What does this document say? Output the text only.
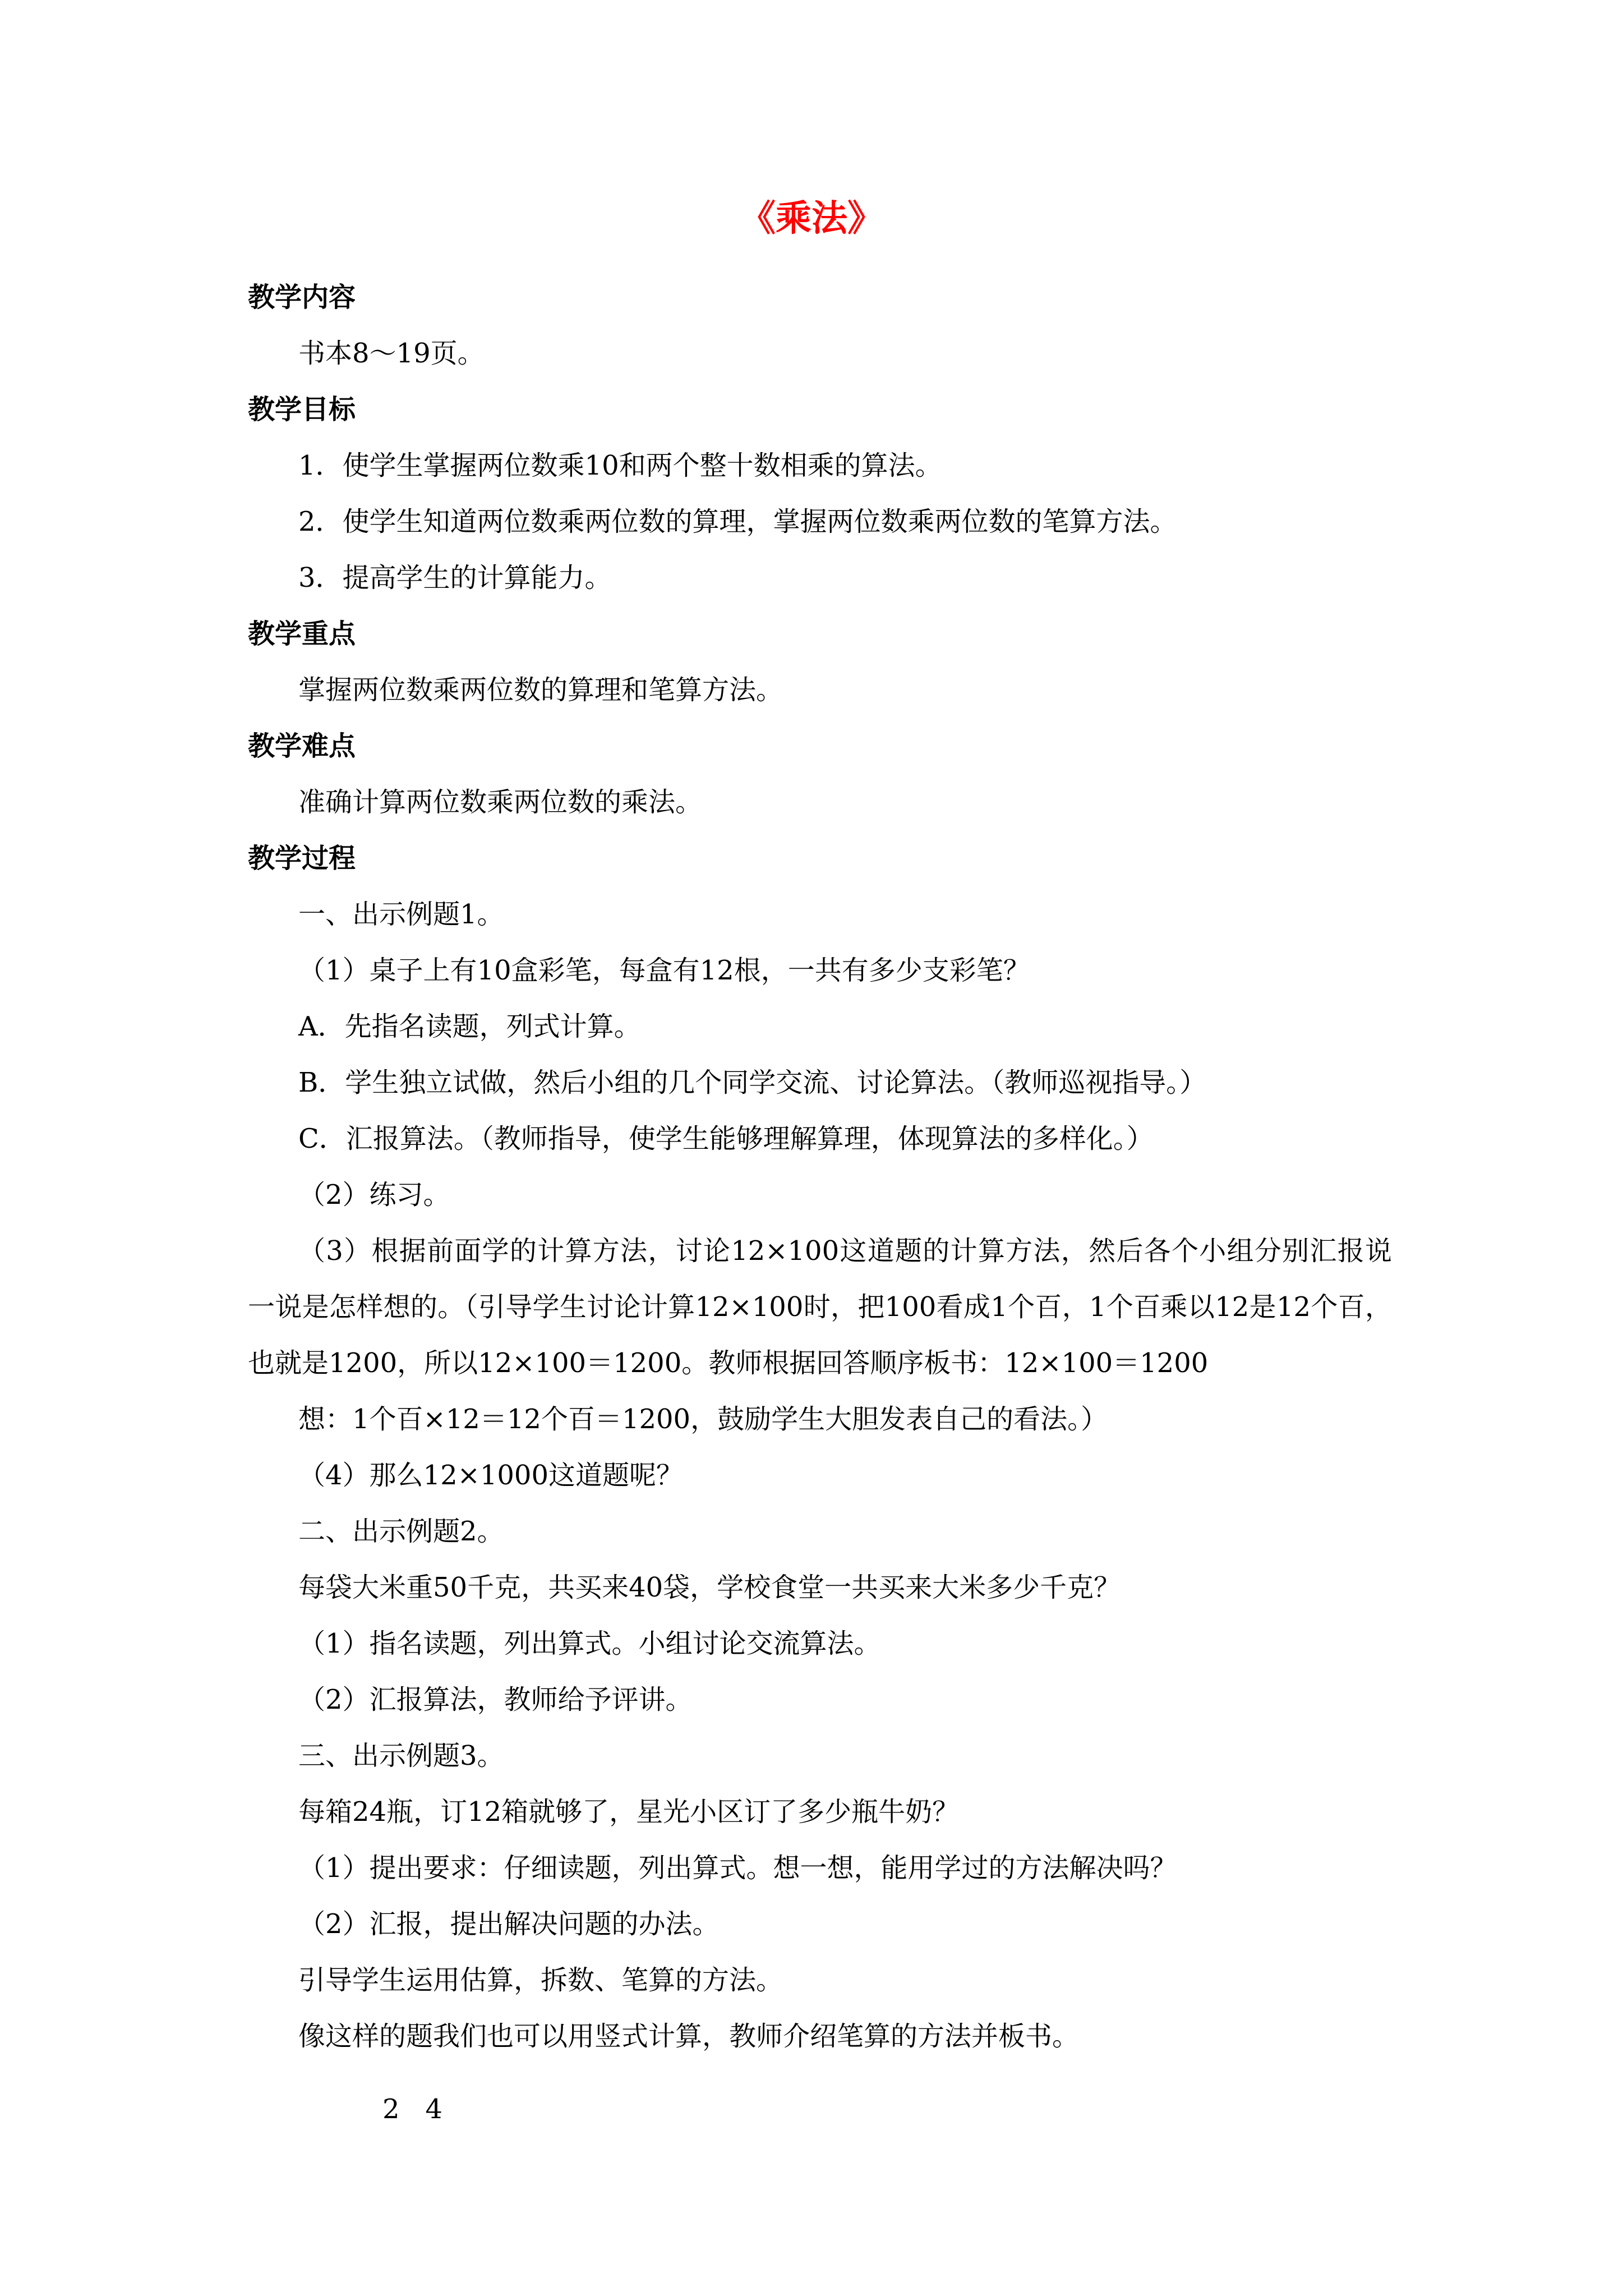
《乘法》
教学内容
书本8～19页。
教学目标
1．使学生掌握两位数乘10和两个整十数相乘的算法。
2．使学生知道两位数乘两位数的算理，掌握两位数乘两位数的笔算方法。
3．提高学生的计算能力。
教学重点
掌握两位数乘两位数的算理和笔算方法。
教学难点
准确计算两位数乘两位数的乘法。
教学过程
一、出示例题1。
（1）桌子上有10盒彩笔，每盒有12根，一共有多少支彩笔？
A．先指名读题，列式计算。
B．学生独立试做，然后小组的几个同学交流、讨论算法。（教师巡视指导。）
C．汇报算法。（教师指导，使学生能够理解算理，体现算法的多样化。）
（2）练习。
（3）根据前面学的计算方法，讨论12×100这道题的计算方法，然后各个小组分别汇报说一说是怎样想的。（引导学生讨论计算12×100时，把100看成1个百，1个百乘以12是12个百，也就是1200，所以12×100＝1200。教师根据回答顺序板书：12×100＝1200
想：1个百×12＝12个百＝1200，鼓励学生大胆发表自己的看法。）
（4）那么12×1000这道题呢？
二、出示例题2。
每袋大米重50千克，共买来40袋，学校食堂一共买来大米多少千克？
（1）指名读题，列出算式。小组讨论交流算法。
（2）汇报算法，教师给予评讲。
三、出示例题3。
每箱24瓶，订12箱就够了，星光小区订了多少瓶牛奶？
（1）提出要求：仔细读题，列出算式。想一想，能用学过的方法解决吗？
（2）汇报，提出解决问题的办法。
引导学生运用估算，拆数、笔算的方法。
像这样的题我们也可以用竖式计算，教师介绍笔算的方法并板书。
2   4
